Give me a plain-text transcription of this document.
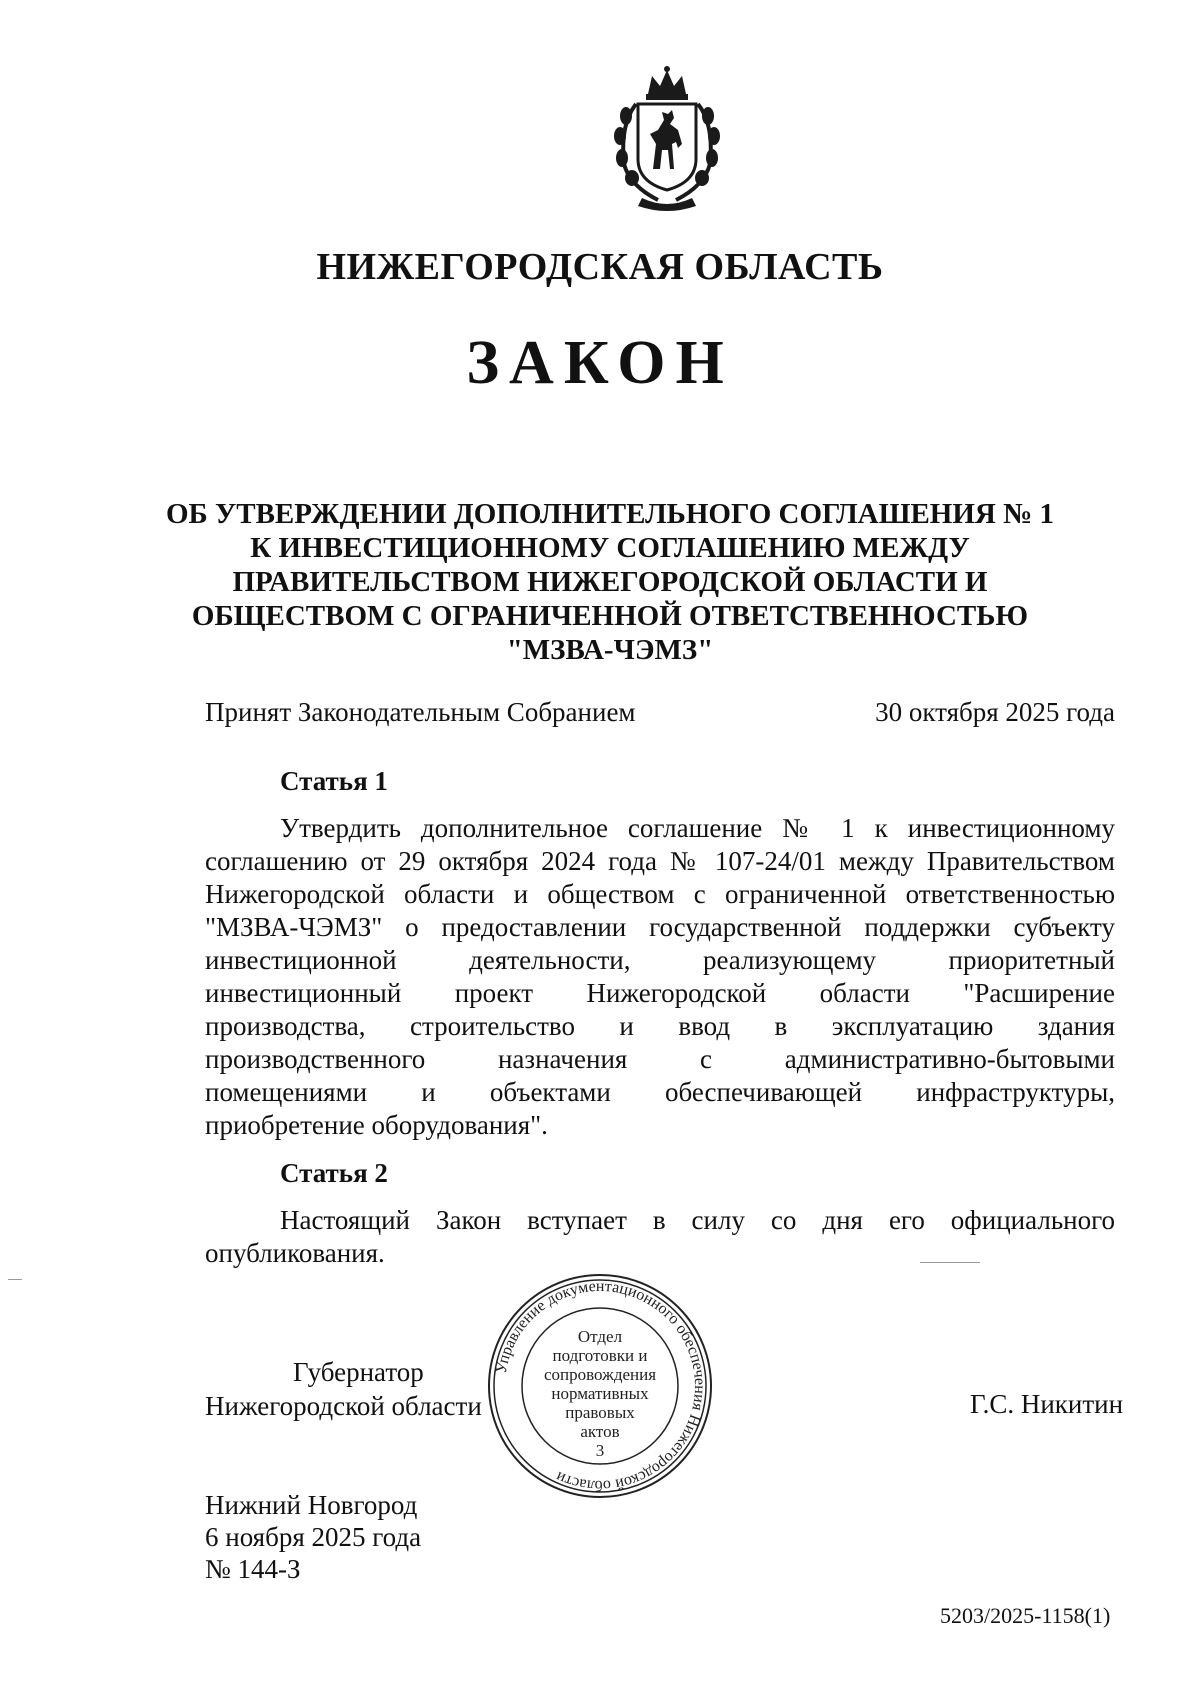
НИЖЕГОРОДСКАЯ ОБЛАСТЬ
ЗАКОН
ОБ УТВЕРЖДЕНИИ ДОПОЛНИТЕЛЬНОГО СОГЛАШЕНИЯ № 1
К ИНВЕСТИЦИОННОМУ СОГЛАШЕНИЮ МЕЖДУ
ПРАВИТЕЛЬСТВОМ НИЖЕГОРОДСКОЙ ОБЛАСТИ И
ОБЩЕСТВОМ С ОГРАНИЧЕННОЙ ОТВЕТСТВЕННОСТЬЮ
"МЗВА-ЧЭМЗ"
Принят Законодательным Собранием	30 октября 2025 года
Статья 1
Утвердить дополнительное соглашение № 1 к инвестиционному
соглашению от 29 октября 2024 года № 107-24/01 между Правительством
Нижегородской области и обществом с ограниченной ответственностью
"МЗВА-ЧЭМЗ" о предоставлении государственной поддержки субъекту
инвестиционной деятельности, реализующему приоритетный
инвестиционный проект Нижегородской области "Расширение
производства, строительство и ввод в эксплуатацию здания
производственного назначения с административно-бытовыми
помещениями и объектами обеспечивающей инфраструктуры,
приобретение оборудования".
Статья 2
Настоящий Закон вступает в силу со дня его официального
опубликования.
Губернатор
Нижегородской области	Г.С. Никитин
Управление документационного обеспечения Нижегородской области
Отдел
подготовки и
сопровождения
нормативных
правовых
актов
3
Нижний Новгород
6 ноября 2025 года
№ 144-З
5203/2025-1158(1)
